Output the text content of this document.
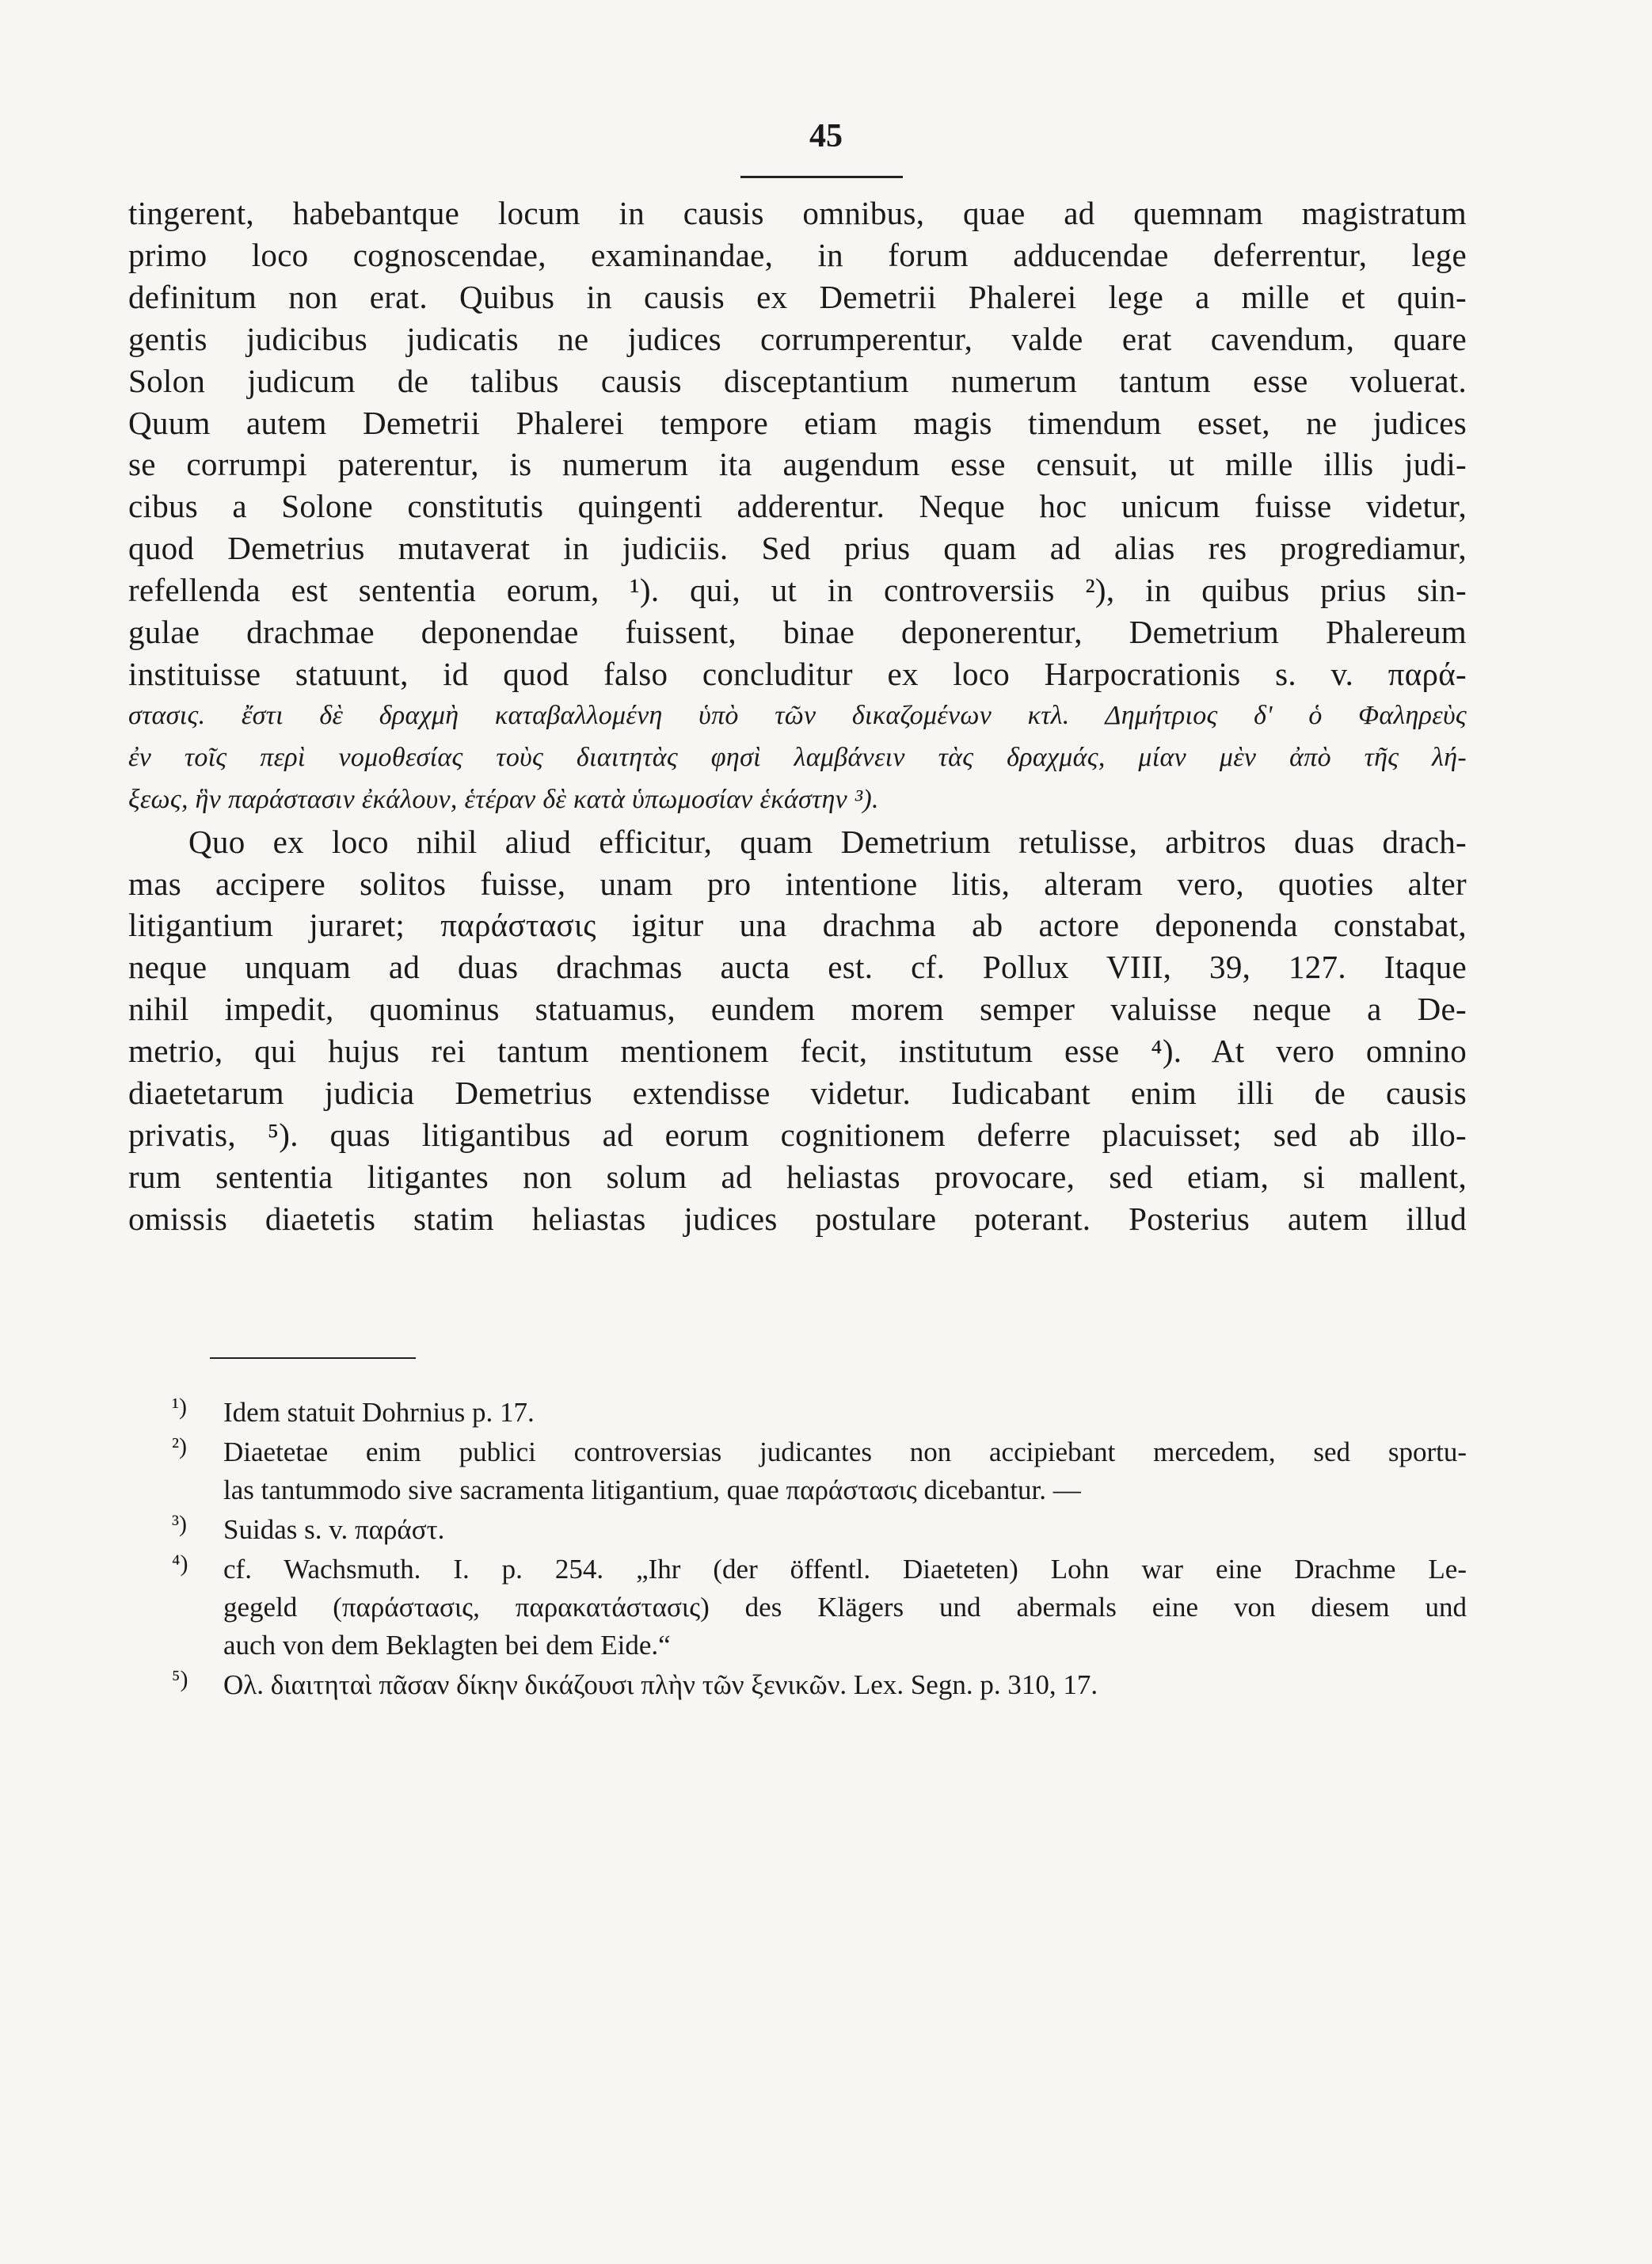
45
tingerent, habebantque locum in causis omnibus, quae ad quemnam magistratum
primo loco cognoscendae, examinandae, in forum adducendae deferrentur, lege
definitum non erat. Quibus in causis ex Demetrii Phalerei lege a mille et quin-
gentis judicibus judicatis ne judices corrumperentur, valde erat cavendum, quare
Solon judicum de talibus causis disceptantium numerum tantum esse voluerat.
Quum autem Demetrii Phalerei tempore etiam magis timendum esset, ne judices
se corrumpi paterentur, is numerum ita augendum esse censuit, ut mille illis judi-
cibus a Solone constitutis quingenti adderentur. Neque hoc unicum fuisse videtur,
quod Demetrius mutaverat in judiciis. Sed prius quam ad alias res progrediamur,
refellenda est sententia eorum, ¹). qui, ut in controversiis ²), in quibus prius sin-
gulae drachmae deponendae fuissent, binae deponerentur, Demetrium Phalereum
instituisse statuunt, id quod falso concluditur ex loco Harpocrationis s. v. παρά-
στασις. ἔστι δὲ δραχμὴ καταβαλλομένη ὑπὸ τῶν δικαζομένων κτλ. Δημήτριος δ' ὁ Φαληρεὺς
ἐν τοῖς περὶ νομοθεσίας τοὺς διαιτητὰς φησὶ λαμβάνειν τὰς δραχμάς, μίαν μὲν ἀπὸ τῆς λή-
ξεως, ἣν παράστασιν ἐκάλουν, ἑτέραν δὲ κατὰ ὑπωμοσίαν ἑκάστην ³).
Quo ex loco nihil aliud efficitur, quam Demetrium retulisse, arbitros duas drach-
mas accipere solitos fuisse, unam pro intentione litis, alteram vero, quoties alter
litigantium juraret; παράστασις igitur una drachma ab actore deponenda constabat,
neque unquam ad duas drachmas aucta est. cf. Pollux VIII, 39, 127. Itaque
nihil impedit, quominus statuamus, eundem morem semper valuisse neque a De-
metrio, qui hujus rei tantum mentionem fecit, institutum esse ⁴). At vero omnino
diaetetarum judicia Demetrius extendisse videtur. Iudicabant enim illi de causis
privatis, ⁵). quas litigantibus ad eorum cognitionem deferre placuisset; sed ab illo-
rum sententia litigantes non solum ad heliastas provocare, sed etiam, si mallent,
omissis diaetetis statim heliastas judices postulare poterant. Posterius autem illud
¹) Idem statuit Dohrnius p. 17.
²) Diaetetae enim publici controversias judicantes non accipiebant mercedem, sed sportu-
las tantummodo sive sacramenta litigantium, quae παράστασις dicebantur. —
³) Suidas s. v. παράστ.
⁴) cf. Wachsmuth. I. p. 254. „Ihr (der öffentl. Diaeteten) Lohn war eine Drachme Le-
gegeld (παράστασις, παρακατάστασις) des Klägers und abermals eine von diesem und
auch von dem Beklagten bei dem Eide.“
⁵) Ολ. διαιτηταὶ πᾶσαν δίκην δικάζουσι πλὴν τῶν ξενικῶν. Lex. Segn. p. 310, 17.
